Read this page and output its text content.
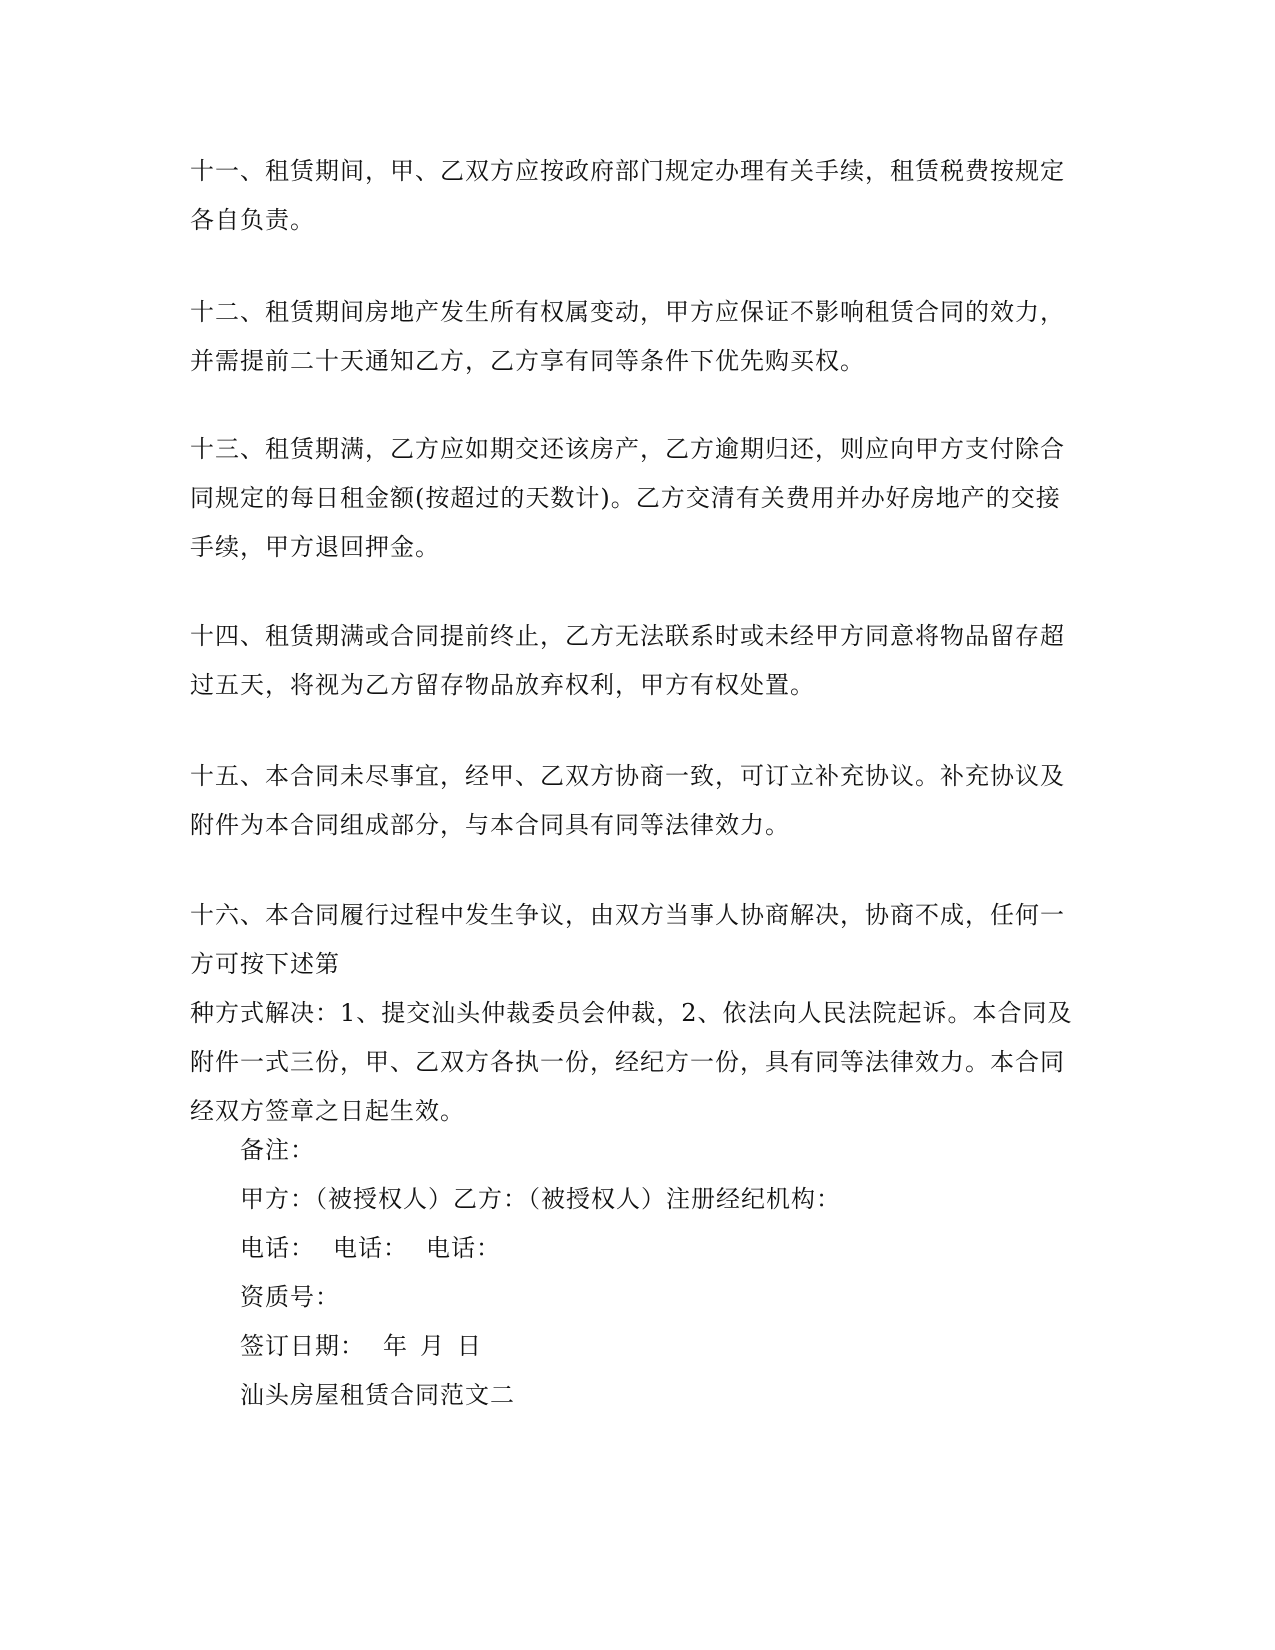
十一、租赁期间，甲、乙双方应按政府部门规定办理有关手续，租赁税费按规定
各自负责。
十二、租赁期间房地产发生所有权属变动，甲方应保证不影响租赁合同的效力，
并需提前二十天通知乙方，乙方享有同等条件下优先购买权。
十三、租赁期满，乙方应如期交还该房产，乙方逾期归还，则应向甲方支付除合
同规定的每日租金额(按超过的天数计)。乙方交清有关费用并办好房地产的交接
手续，甲方退回押金。
十四、租赁期满或合同提前终止，乙方无法联系时或未经甲方同意将物品留存超
过五天，将视为乙方留存物品放弃权利，甲方有权处置。
十五、本合同未尽事宜，经甲、乙双方协商一致，可订立补充协议。补充协议及
附件为本合同组成部分，与本合同具有同等法律效力。
十六、本合同履行过程中发生争议，由双方当事人协商解决，协商不成，任何一
方可按下述第
种方式解决：1、提交汕头仲裁委员会仲裁，2、依法向人民法院起诉。本合同及
附件一式三份，甲、乙双方各执一份，经纪方一份，具有同等法律效力。本合同
经双方签章之日起生效。
备注：
甲方：（被授权人）乙方：（被授权人）注册经纪机构：
电话： 电话： 电话：
资质号：
签订日期： 年 月 日
汕头房屋租赁合同范文二
